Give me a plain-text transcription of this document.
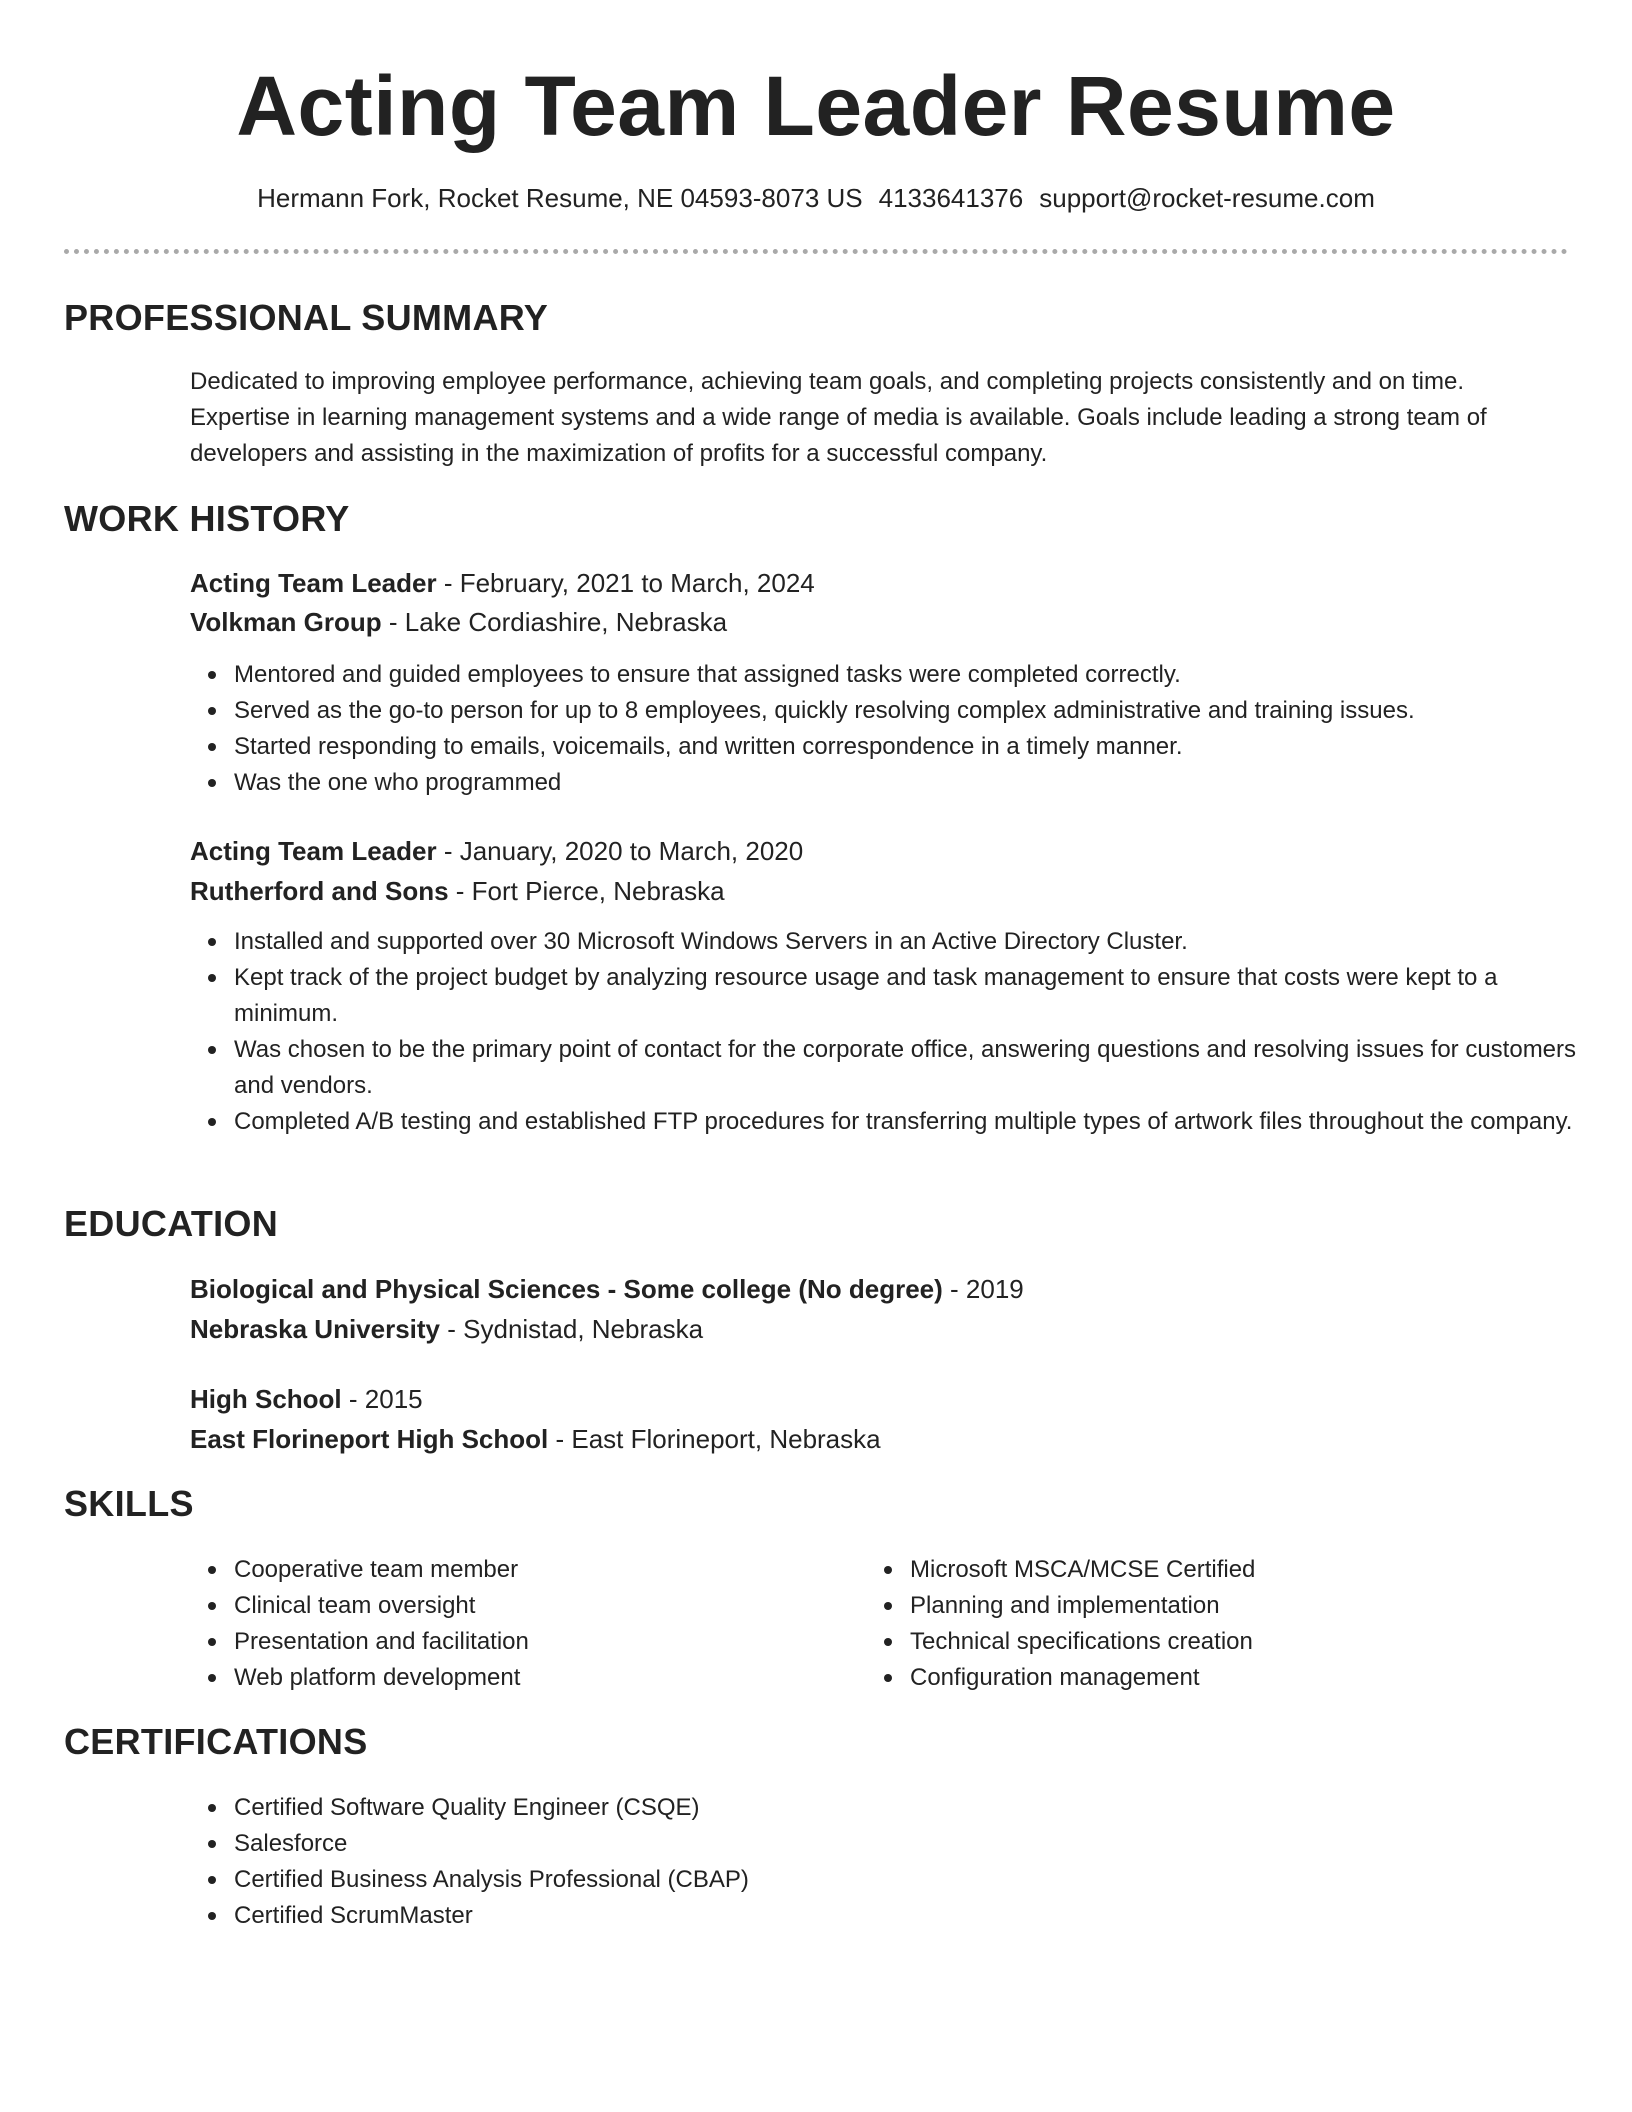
Acting Team Leader Resume
Hermann Fork, Rocket Resume, NE 04593-8073 US 4133641376 support@rocket-resume.com
PROFESSIONAL SUMMARY

Dedicated to improving employee performance, achieving team goals, and completing projects consistently and on time. Expertise in learning management systems and a wide range of media is available. Goals include leading a strong team of developers and assisting in the maximization of profits for a successful company.

WORK HISTORY
Acting Team Leader - February, 2021 to March, 2024
Volkman Group - Lake Cordiashire, Nebraska
Mentored and guided employees to ensure that assigned tasks were completed correctly.
Served as the go-to person for up to 8 employees, quickly resolving complex administrative and training issues.
Started responding to emails, voicemails, and written correspondence in a timely manner.
Was the one who programmed
Acting Team Leader - January, 2020 to March, 2020
Rutherford and Sons - Fort Pierce, Nebraska
Installed and supported over 30 Microsoft Windows Servers in an Active Directory Cluster.
Kept track of the project budget by analyzing resource usage and task management to ensure that costs were kept to a minimum.
Was chosen to be the primary point of contact for the corporate office, answering questions and resolving issues for customers and vendors.
Completed A/B testing and established FTP procedures for transferring multiple types of artwork files throughout the company.
EDUCATION
Biological and Physical Sciences - Some college (No degree) - 2019
Nebraska University - Sydnistad, Nebraska
High School - 2015
East Florineport High School - East Florineport, Nebraska
SKILLS
Cooperative team member
Clinical team oversight
Presentation and facilitation
Web platform development
Microsoft MSCA/MCSE Certified
Planning and implementation
Technical specifications creation
Configuration management
CERTIFICATIONS
Certified Software Quality Engineer (CSQE)
Salesforce
Certified Business Analysis Professional (CBAP)
Certified ScrumMaster
